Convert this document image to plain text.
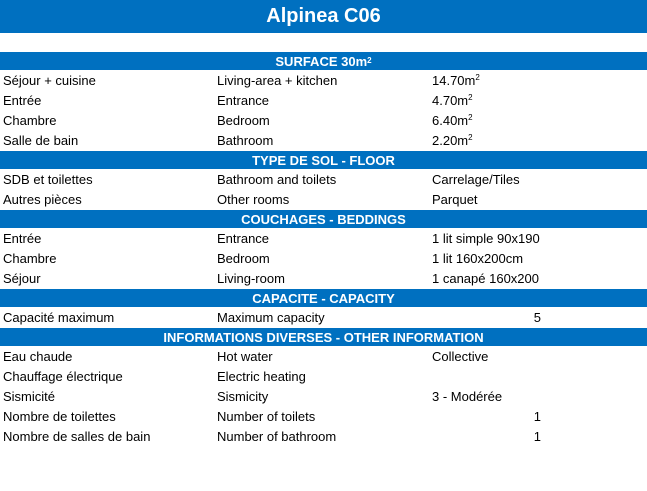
Alpinea C06
SURFACE 30m 2
Séjour + cuisine	Living-area + kitchen	$14.70m^2$
Entrée	Entrance	$4.70m^2$
Chambre	Bedroom	$6.40m^2$
Salle de bain	Bathroom	$2.20m^2$
TYPE DE SOL - FLOOR
SDB et toilettes	Bathroom and toilets	Carrelage/Tiles
Autres pièces	Other rooms	Parquet
COUCHAGES - BEDDINGS
Entrée	Entrance	1 lit simple 90x190
Chambre	Bedroom	1 lit 160x200cm
Séjour	Living-room	1 canapé 160x200
CAPACITE - CAPACITY
Capacité maximum	Maximum capacity	5
INFORMATIONS DIVERSES - OTHER INFORMATION
Eau chaude	Hot water	Collective
Chauffage électrique	Electric heating
Sismicité	Sismicity	3 - Modérée
Nombre de toilettes	Number of toilets	1
Nombre de salles de bain	Number of bathroom	1
